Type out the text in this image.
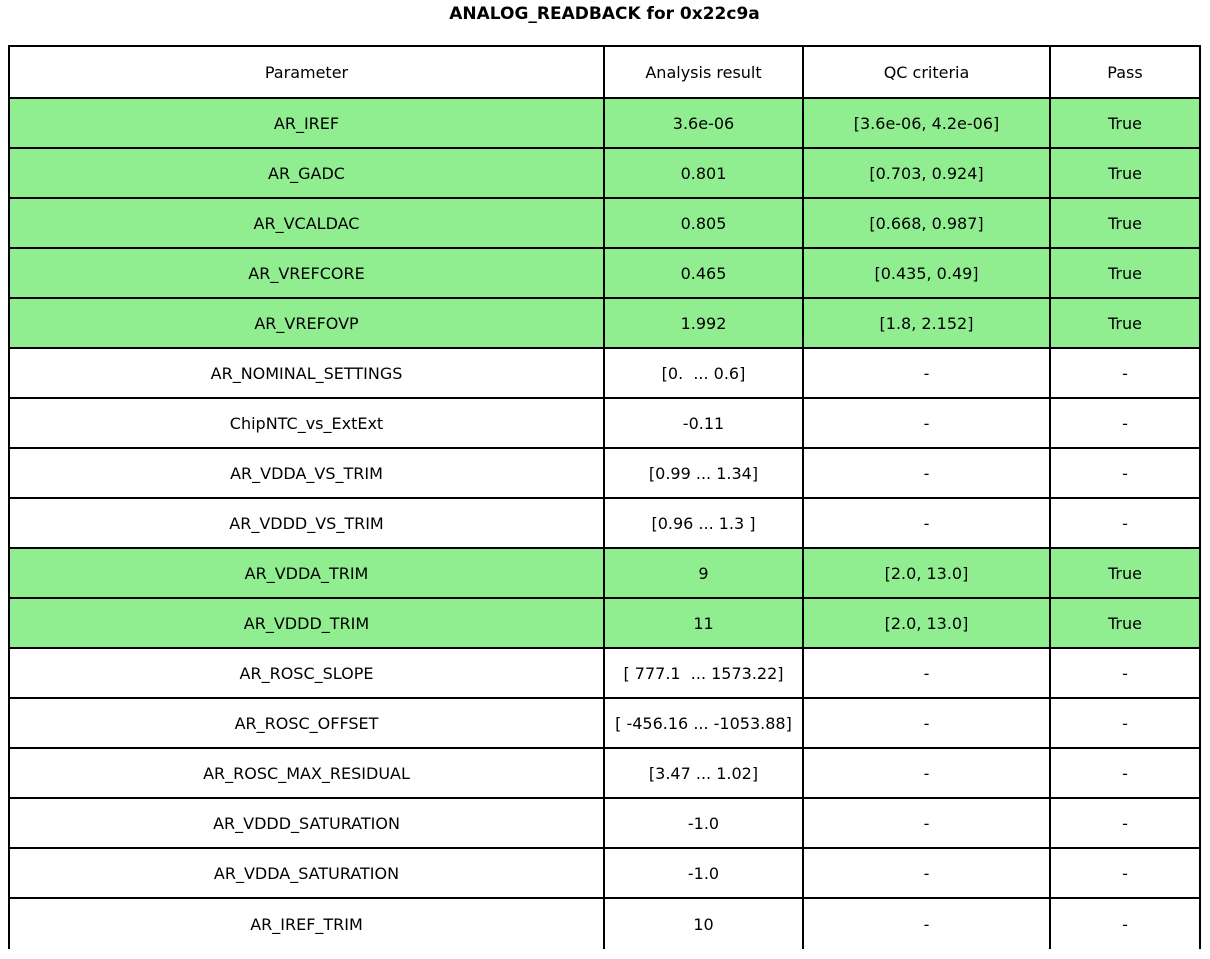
ANALOG_READBACK for 0x22c9a
Parameter	Analysis result	QC criteria	Pass
AR_IREF	3.6e-06	[3.6e-06, 4.2e-06]	True
AR_GADC	0.801	[0.703, 0.924]	True
AR_VCALDAC	0.805	[0.668, 0.987]	True
AR_VREFCORE	0.465	[0.435, 0.49]	True
AR_VREFOVP	1.992	[1.8, 2.152]	True
AR_NOMINAL_SETTINGS	[0.  ... 0.6]	-	-
ChipNTC_vs_ExtExt	-0.11	-	-
AR_VDDA_VS_TRIM	[0.99 ... 1.34]	-	-
AR_VDDD_VS_TRIM	[0.96 ... 1.3 ]	-	-
AR_VDDA_TRIM	9	[2.0, 13.0]	True
AR_VDDD_TRIM	11	[2.0, 13.0]	True
AR_ROSC_SLOPE	[ 777.1  ... 1573.22]	-	-
AR_ROSC_OFFSET	[ -456.16 ... -1053.88]	-	-
AR_ROSC_MAX_RESIDUAL	[3.47 ... 1.02]	-	-
AR_VDDD_SATURATION	-1.0	-	-
AR_VDDA_SATURATION	-1.0	-	-
AR_IREF_TRIM	10	-	-
